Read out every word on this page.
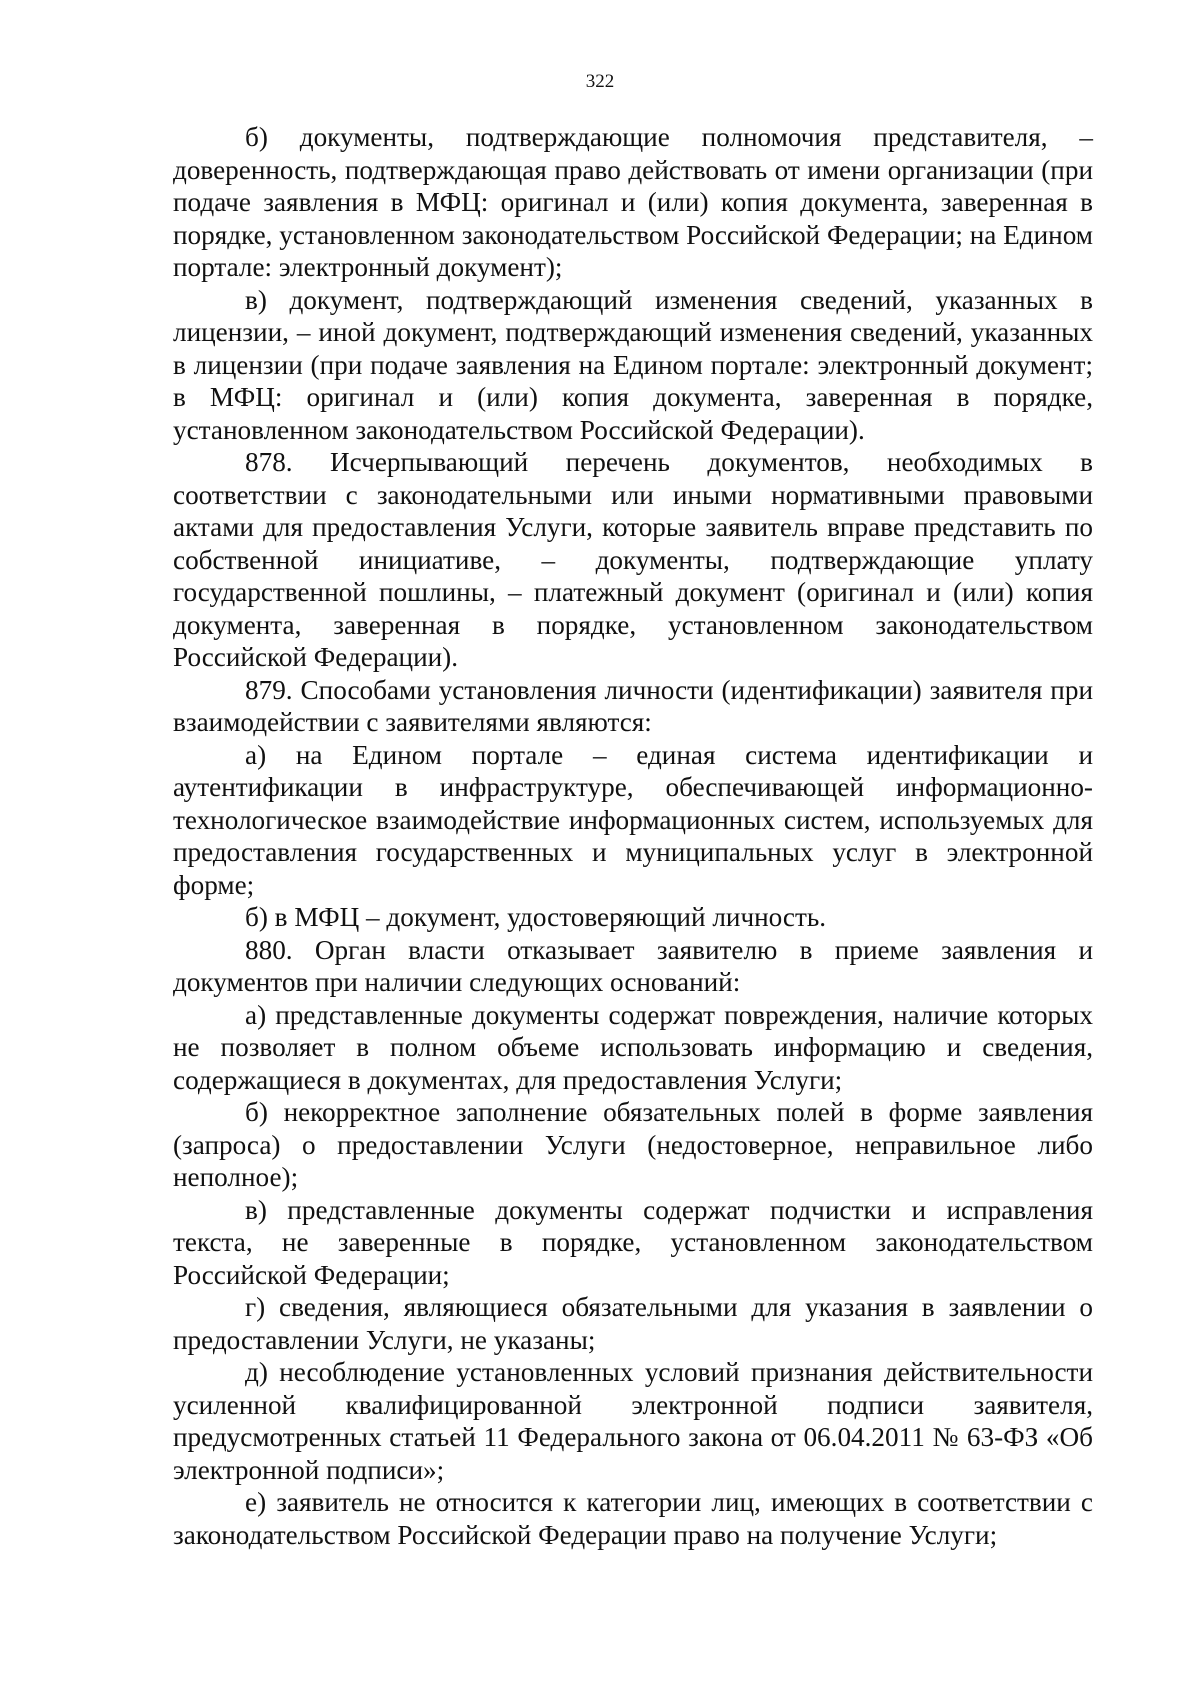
322

б) документы, подтверждающие полномочия представителя, – доверенность, подтверждающая право действовать от имени организации (при подаче заявления в МФЦ: оригинал и (или) копия документа, заверенная в порядке, установленном законодательством Российской Федерации; на Едином портале: электронный документ);

в) документ, подтверждающий изменения сведений, указанных в лицензии, – иной документ, подтверждающий изменения сведений, указанных в лицензии (при подаче заявления на Едином портале: электронный документ; в МФЦ: оригинал и (или) копия документа, заверенная в порядке, установленном законодательством Российской Федерации).

878. Исчерпывающий перечень документов, необходимых в соответствии с законодательными или иными нормативными правовыми актами для предоставления Услуги, которые заявитель вправе представить по собственной инициативе, – документы, подтверждающие уплату государственной пошлины, – платежный документ (оригинал и (или) копия документа, заверенная в порядке, установленном законодательством Российской Федерации).

879. Способами установления личности (идентификации) заявителя при взаимодействии с заявителями являются:

а) на Едином портале – единая система идентификации и аутентификации в инфраструктуре, обеспечивающей информационно-технологическое взаимодействие информационных систем, используемых для предоставления государственных и муниципальных услуг в электронной форме;

б) в МФЦ – документ, удостоверяющий личность.

880. Орган власти отказывает заявителю в приеме заявления и документов при наличии следующих оснований:

а) представленные документы содержат повреждения, наличие которых не позволяет в полном объеме использовать информацию и сведения, содержащиеся в документах, для предоставления Услуги;

б) некорректное заполнение обязательных полей в форме заявления (запроса) о предоставлении Услуги (недостоверное, неправильное либо неполное);

в) представленные документы содержат подчистки и исправления текста, не заверенные в порядке, установленном законодательством Российской Федерации;

г) сведения, являющиеся обязательными для указания в заявлении о предоставлении Услуги, не указаны;

д) несоблюдение установленных условий признания действительности усиленной квалифицированной электронной подписи заявителя, предусмотренных статьей 11 Федерального закона от 06.04.2011 № 63-ФЗ «Об электронной подписи»;

е) заявитель не относится к категории лиц, имеющих в соответствии с законодательством Российской Федерации право на получение Услуги;
